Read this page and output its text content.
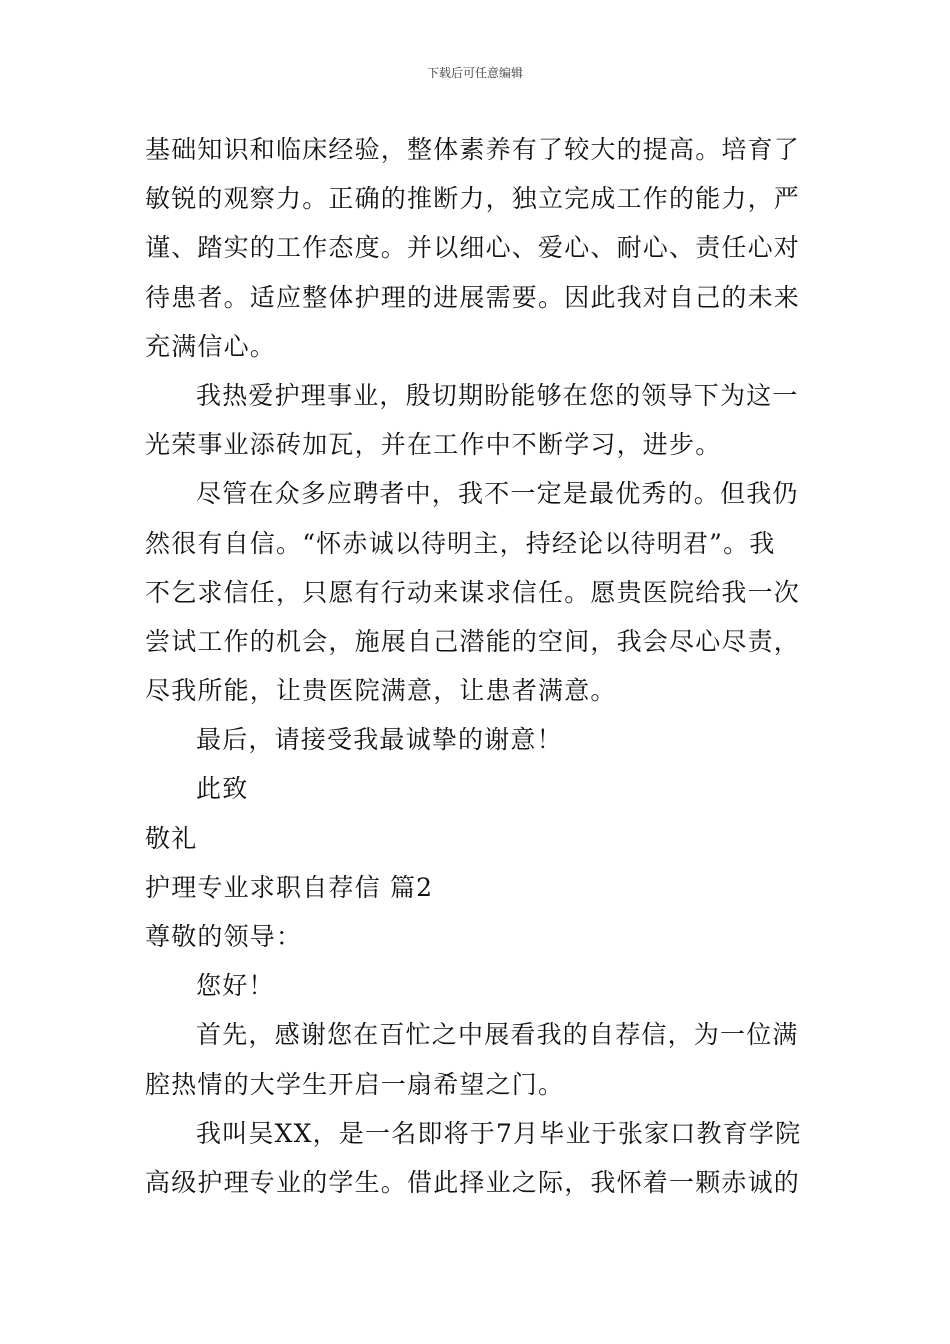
下载后可任意编辑
基础知识和临床经验，整体素养有了较大的提高。培育了
敏锐的观察力。正确的推断力，独立完成工作的能力，严
谨、踏实的工作态度。并以细心、爱心、耐心、责任心对
待患者。适应整体护理的进展需要。因此我对自己的未来
充满信心。
我热爱护理事业，殷切期盼能够在您的领导下为这一
光荣事业添砖加瓦，并在工作中不断学习，进步。
尽管在众多应聘者中，我不一定是最优秀的。但我仍
然很有自信。“怀赤诚以待明主，持经论以待明君”。我
不乞求信任，只愿有行动来谋求信任。愿贵医院给我一次
尝试工作的机会，施展自己潜能的空间，我会尽心尽责，
尽我所能，让贵医院满意，让患者满意。
最后，请接受我最诚挚的谢意！
此致
敬礼
护理专业求职自荐信 篇2
尊敬的领导：
您好！
首先，感谢您在百忙之中展看我的自荐信，为一位满
腔热情的大学生开启一扇希望之门。
我叫吴XX，是一名即将于7月毕业于张家口教育学院
高级护理专业的学生。借此择业之际，我怀着一颗赤诚的
